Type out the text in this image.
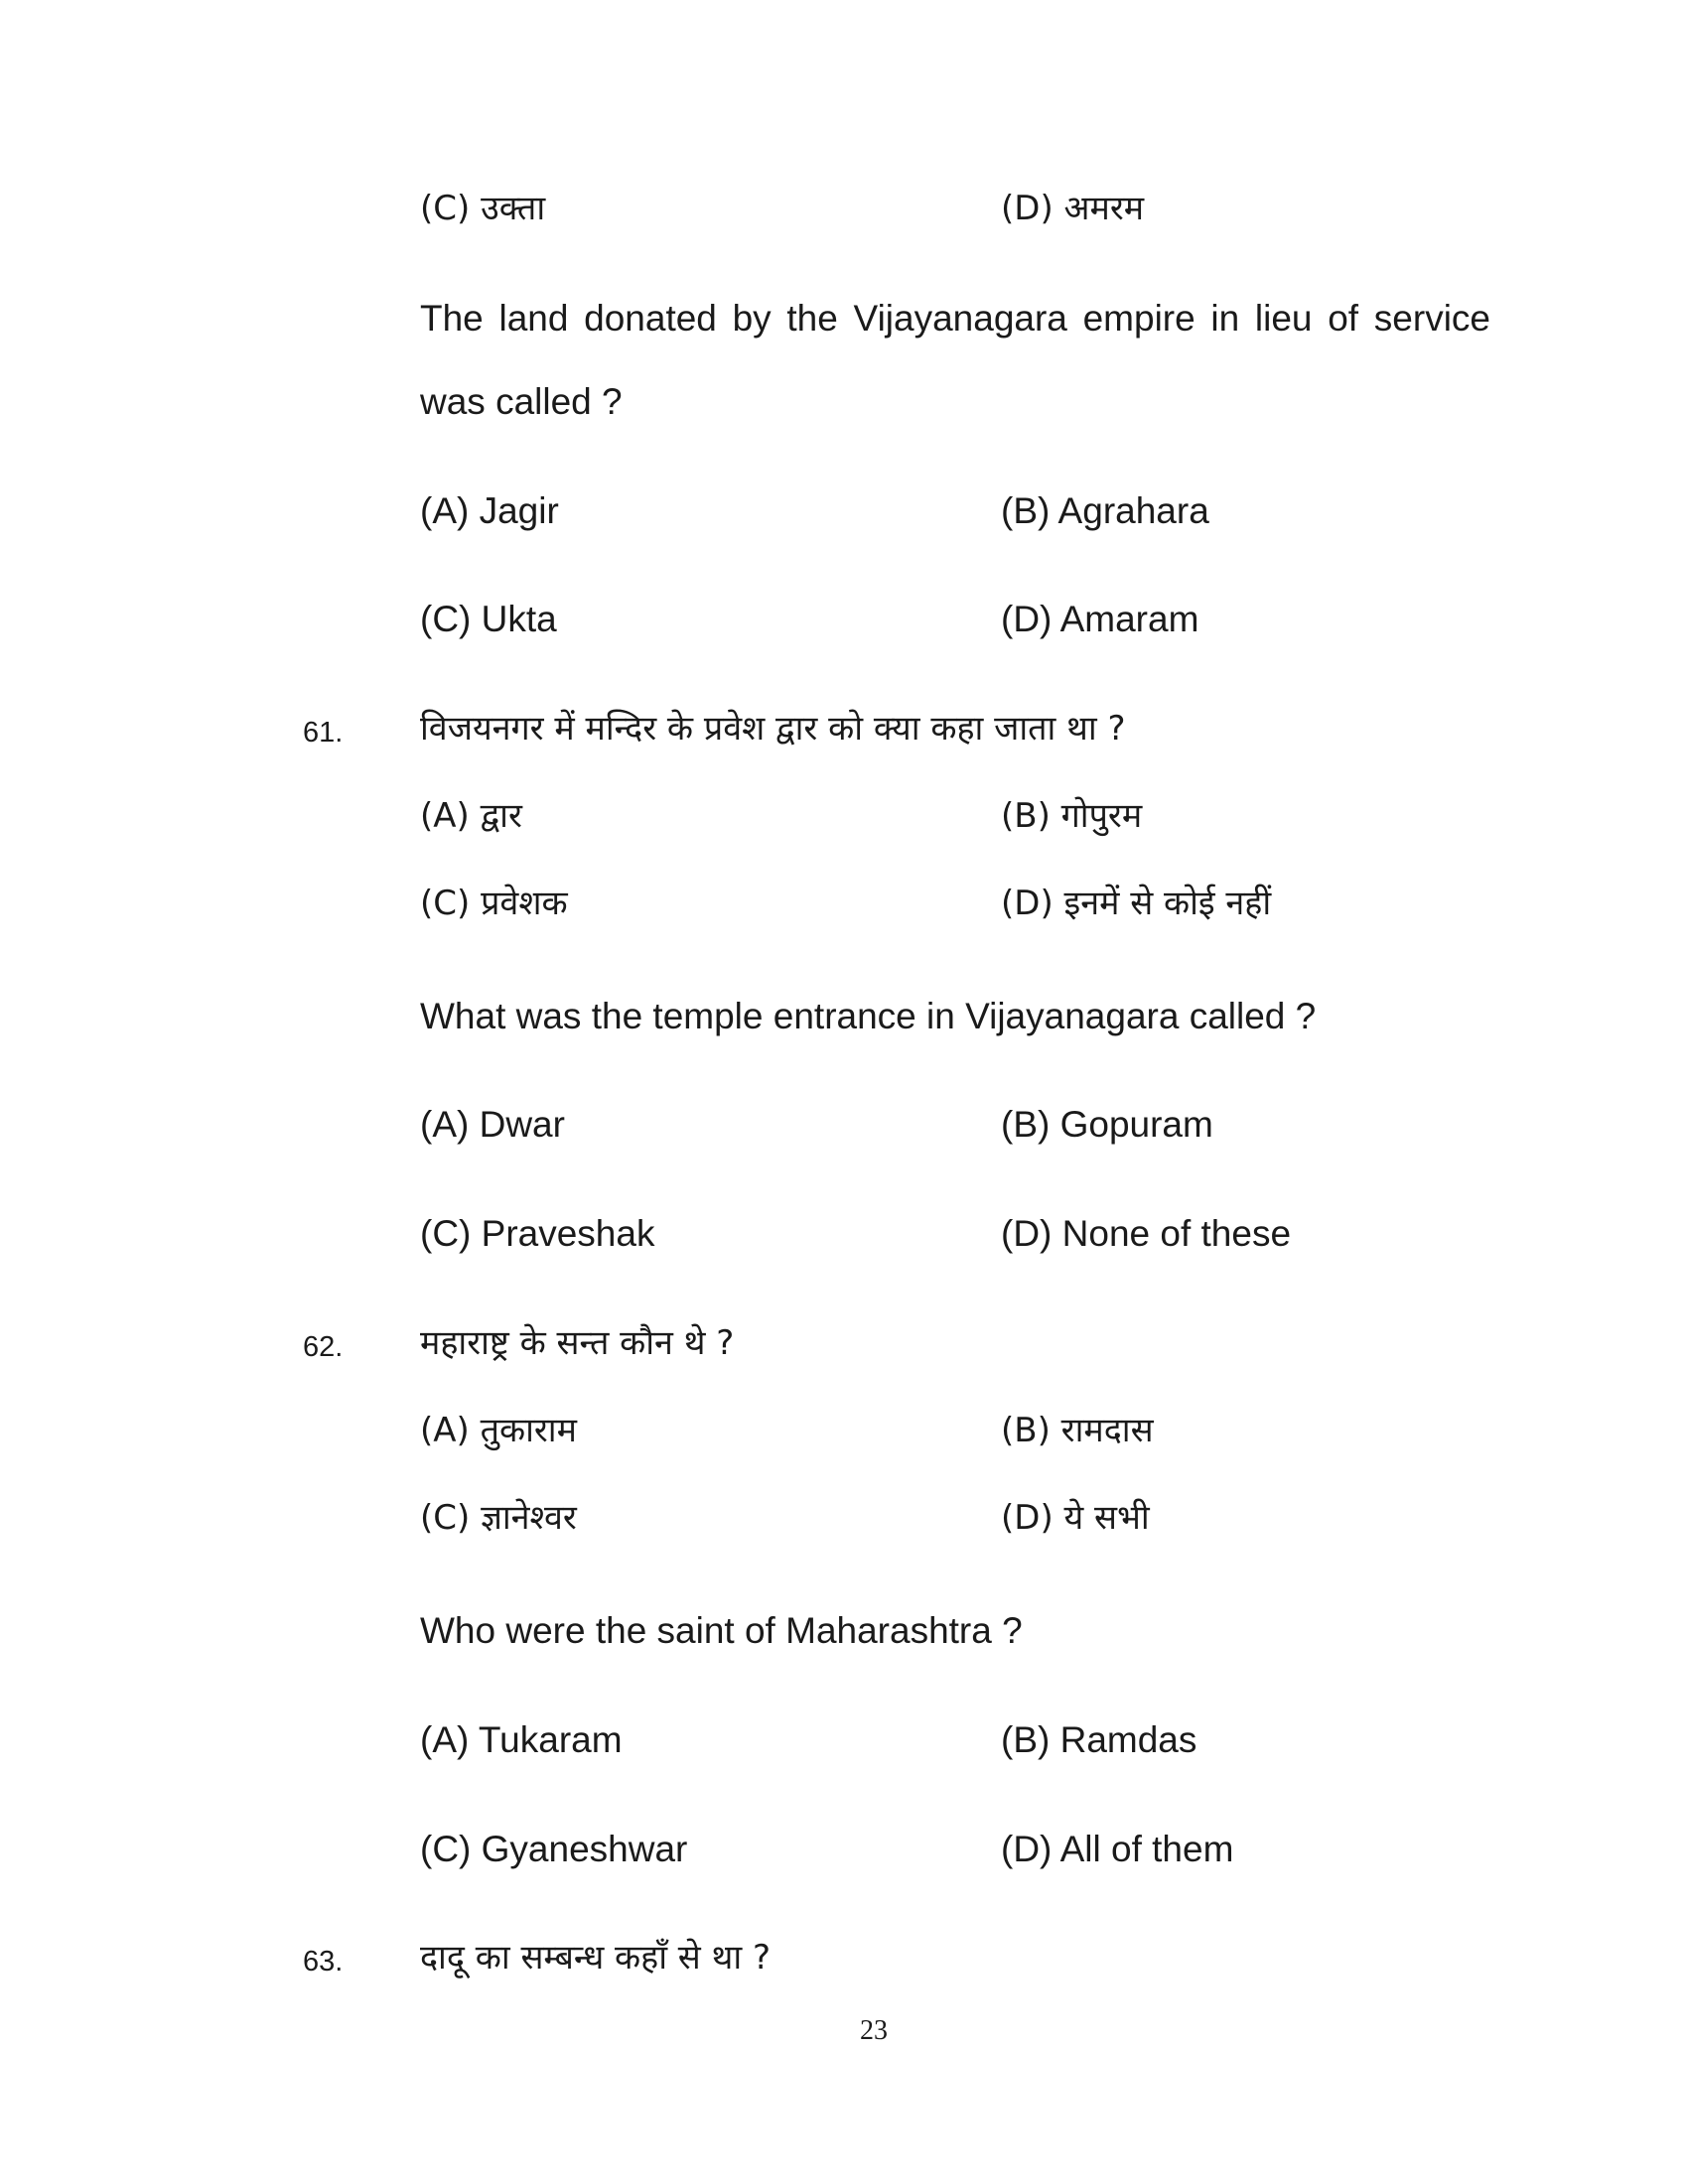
(C) उक्ता	(D) अमरम
The land donated by the Vijayanagara empire in lieu of service
was called ?
(A) Jagir	(B) Agrahara
(C) Ukta	(D) Amaram
61. विजयनगर में मन्दिर के प्रवेश द्वार को क्या कहा जाता था ?
(A) द्वार	(B) गोपुरम
(C) प्रवेशक	(D) इनमें से कोई नहीं
What was the temple entrance in Vijayanagara called ?
(A) Dwar	(B) Gopuram
(C) Praveshak	(D) None of these
62. महाराष्ट्र के सन्त कौन थे ?
(A) तुकाराम	(B) रामदास
(C) ज्ञानेश्वर	(D) ये सभी
Who were the saint of Maharashtra ?
(A) Tukaram	(B) Ramdas
(C) Gyaneshwar	(D) All of them
63. दादू का सम्बन्ध कहाँ से था ?
23
